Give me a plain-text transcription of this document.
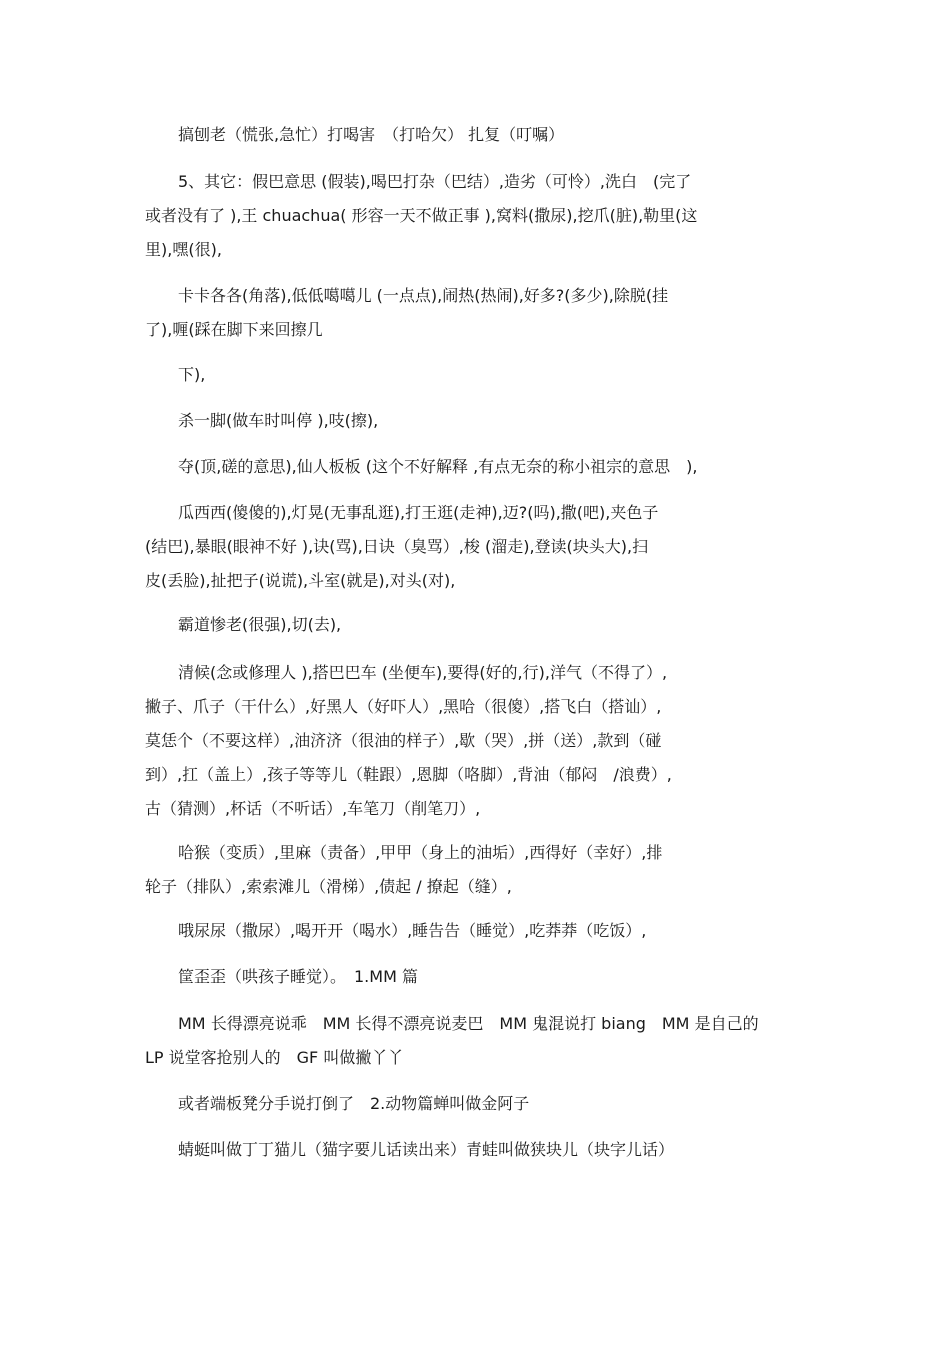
搞刨老（慌张,急忙）打喝害　（打哈欠） 扎复（叮嘱）
5、其它：假巴意思 (假装),喝巴打杂（巴结）,造劣（可怜）,洗白　(完了
或者没有了 ),王 chuachua( 形容一天不做正事 ),窝料(撒尿),挖爪(脏),勒里(这
里),嘿(很),
卡卡各各(角落),低低噶噶儿 (一点点),闹热(热闹),好多?(多少),除脱(挂
了),喱(踩在脚下来回擦几
下),
杀一脚(做车时叫停 ),吱(擦),
夺(顶,磋的意思),仙人板板 (这个不好解释 ,有点无奈的称小祖宗的意思　),
瓜西西(傻傻的),灯晃(无事乱逛),打王逛(走神),迈?(吗),撒(吧),夹色子
(结巴),暴眼(眼神不好 ),诀(骂),日诀（臭骂）,梭 (溜走),登读(块头大),扫
皮(丢脸),扯把子(说谎),斗室(就是),对头(对),
霸道惨老(很强),切(去),
清候(念或修理人 ),搭巴巴车 (坐便车),要得(好的,行),洋气（不得了）,
撇子、爪子（干什么）,好黑人（好吓人）,黑哈（很傻）,搭飞白（搭讪）,
莫恁个（不要这样）,油济济（很油的样子）,歇（哭）,拼（送）,款到（碰
到）,扛（盖上）,孩子等等儿（鞋跟）,恩脚（咯脚）,背油（郁闷　/浪费）,
古（猜测）,杯话（不听话）,车笔刀（削笔刀）,
哈猴（变质）,里麻（责备）,甲甲（身上的油垢）,西得好（幸好）,排
轮子（排队）,索索滩儿（滑梯）,债起 / 撩起（缝）,
哦尿尿（撒尿）,喝开开（喝水）,睡告告（睡觉）,吃莽莽（吃饭）,
筐歪歪（哄孩子睡觉）。　1.MM 篇
MM 长得漂亮说乖　MM 长得不漂亮说麦巴　MM 鬼混说打 biang　MM 是自己的
LP 说堂客抢别人的　GF 叫做撇丫丫
或者端板凳分手说打倒了　2.动物篇蝉叫做金阿子
蜻蜓叫做丁丁猫儿（猫字要儿话读出来）青蛙叫做狭块儿（块字儿话）
